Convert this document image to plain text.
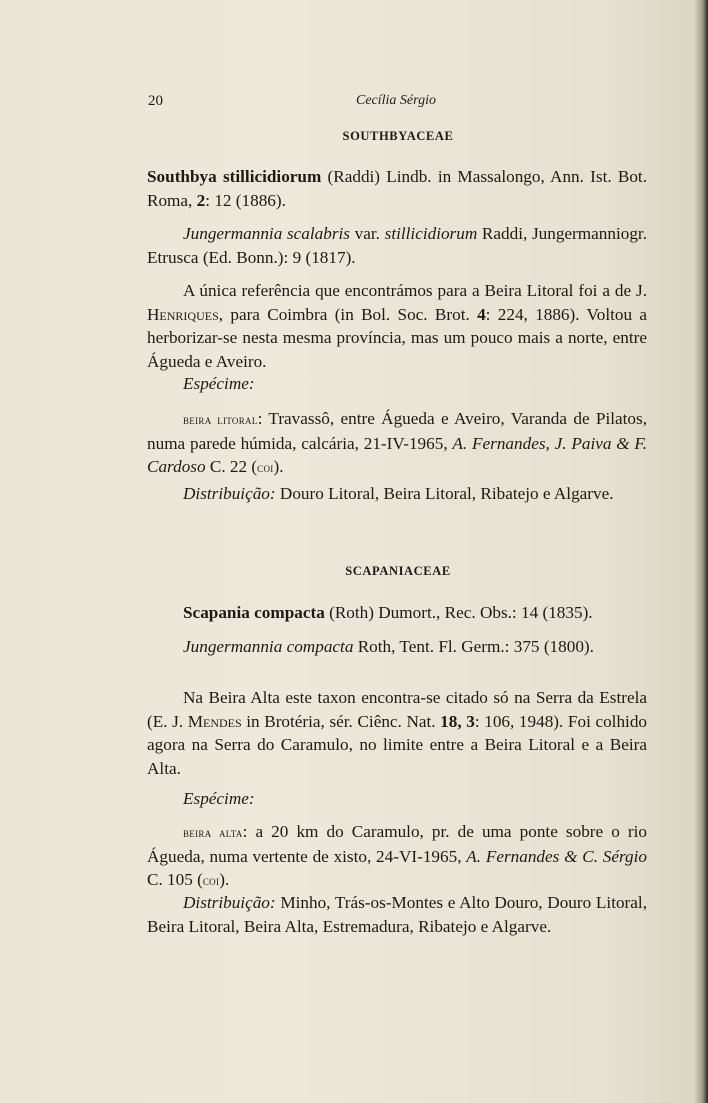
20	Cecília Sérgio
SOUTHBYACEAE
Southbya stillicidiorum (Raddi) Lindb. in Massalongo, Ann. Ist. Bot. Roma, 2: 12 (1886).
Jungermannia scalabris var. stillicidiorum Raddi, Jungermanniogr. Etrusca (Ed. Bonn.): 9 (1817).
A única referência que encontrámos para a Beira Litoral foi a de J. Henriques, para Coimbra (in Bol. Soc. Brot. 4: 224, 1886). Voltou a herborizar-se nesta mesma província, mas um pouco mais a norte, entre Águeda e Aveiro.
Espécime:
beira litoral: Travassô, entre Águeda e Aveiro, Varanda de Pilatos, numa parede húmida, calcária, 21-IV-1965, A. Fernandes, J. Paiva & F. Cardoso C. 22 (coi).
Distribuição: Douro Litoral, Beira Litoral, Ribatejo e Algarve.
SCAPANIACEAE
Scapania compacta (Roth) Dumort., Rec. Obs.: 14 (1835).
Jungermannia compacta Roth, Tent. Fl. Germ.: 375 (1800).
Na Beira Alta este taxon encontra-se citado só na Serra da Estrela (E. J. Mendes in Brotéria, sér. Ciênc. Nat. 18, 3: 106, 1948). Foi colhido agora na Serra do Caramulo, no limite entre a Beira Litoral e a Beira Alta.
Espécime:
beira alta: a 20 km do Caramulo, pr. de uma ponte sobre o rio Águeda, numa vertente de xisto, 24-VI-1965, A. Fernandes & C. Sérgio C. 105 (coi).
Distribuição: Minho, Trás-os-Montes e Alto Douro, Douro Litoral, Beira Litoral, Beira Alta, Estremadura, Ribatejo e Algarve.
